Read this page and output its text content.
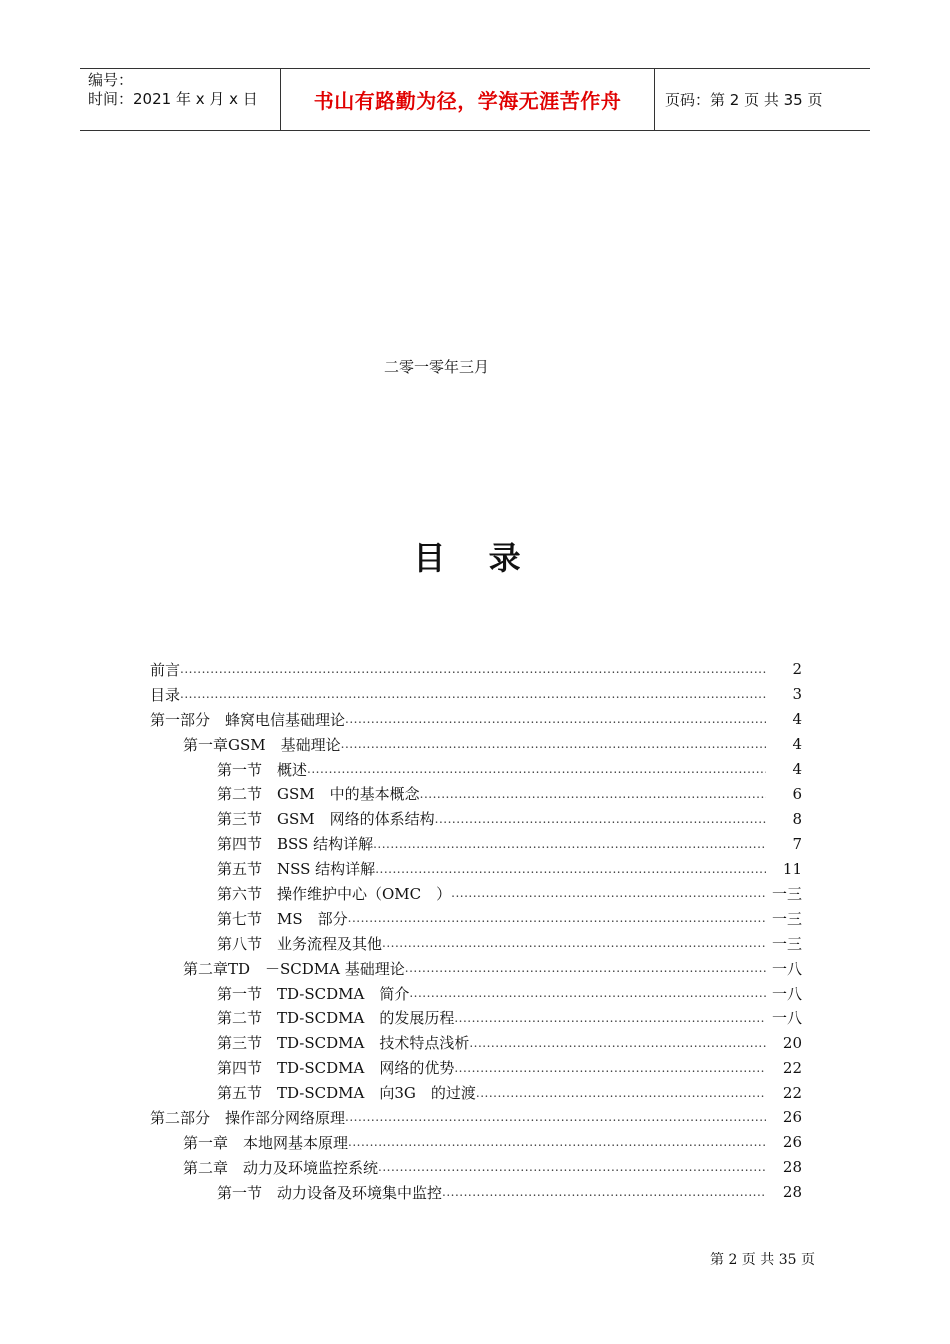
编号：
时间：2021 年 x 月 x 日	书山有路勤为径，学海无涯苦作舟	页码：第 2 页 共 35 页
二零一零年三月
目 录
前言 .....	2
目录 .....	3
第一部分　蜂窝电信基础理论 .....	4
第一章GSM　基础理论 .....	4
第一节　概述 .....	4
第二节　GSM　中的基本概念 .....	6
第三节　GSM　网络的体系结构 .....	8
第四节　BSS 结构详解 .....	7
第五节　NSS 结构详解 .....	11
第六节　操作维护中心（OMC　） .....	一三
第七节　MS　部分 .....	一三
第八节　业务流程及其他 .....	一三
第二章TD　－SCDMA 基础理论 .....	一八
第一节　TD-SCDMA　简介 .....	一八
第二节　TD-SCDMA　的发展历程 .....	一八
第三节　TD-SCDMA　技术特点浅析 .....	20
第四节　TD-SCDMA　网络的优势 .....	22
第五节　TD-SCDMA　向3G　的过渡 .....	22
第二部分　操作部分网络原理 .....	26
第一章　本地网基本原理 .....	26
第二章　动力及环境监控系统 .....	28
第一节　动力设备及环境集中监控 .....	28
第 2 页 共 35 页
